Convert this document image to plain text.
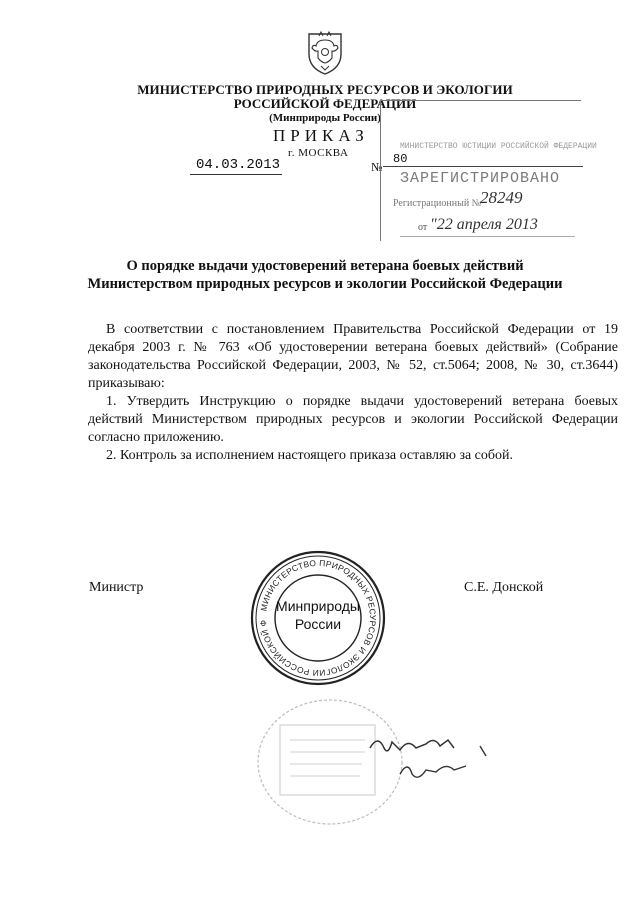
МИНИСТЕРСТВО ПРИРОДНЫХ РЕСУРСОВ И ЭКОЛОГИИ
РОССИЙСКОЙ ФЕДЕРАЦИИ
(Минприроды России)
ПРИКАЗ
г. МОСКВА
04.03.2013	№
80
МИНИСТЕРСТВО ЮСТИЦИИ РОССИЙСКОЙ ФЕДЕРАЦИИ
ЗАРЕГИСТРИРОВАНО
Регистрационный №
28249
от "22 апреля 2013
О порядке выдачи удостоверений ветерана боевых действий
Министерством природных ресурсов и экологии Российской Федерации
В соответствии с постановлением Правительства Российской Федерации от 19 декабря 2003 г. № 763 «Об удостоверении ветерана боевых действий» (Собрание законодательства Российской Федерации, 2003, № 52, ст.5064; 2008, № 30, ст.3644) приказываю:
1. Утвердить Инструкцию о порядке выдачи удостоверений ветерана боевых действий Министерством природных ресурсов и экологии Российской Федерации согласно приложению.
2. Контроль за исполнением настоящего приказа оставляю за собой.
Министр	С.Е. Донской
МИНИСТЕРСТВО ПРИРОДНЫХ РЕСУРСОВ И ЭКОЛОГИИ РОССИЙСКОЙ Ф
Минприроды
России
